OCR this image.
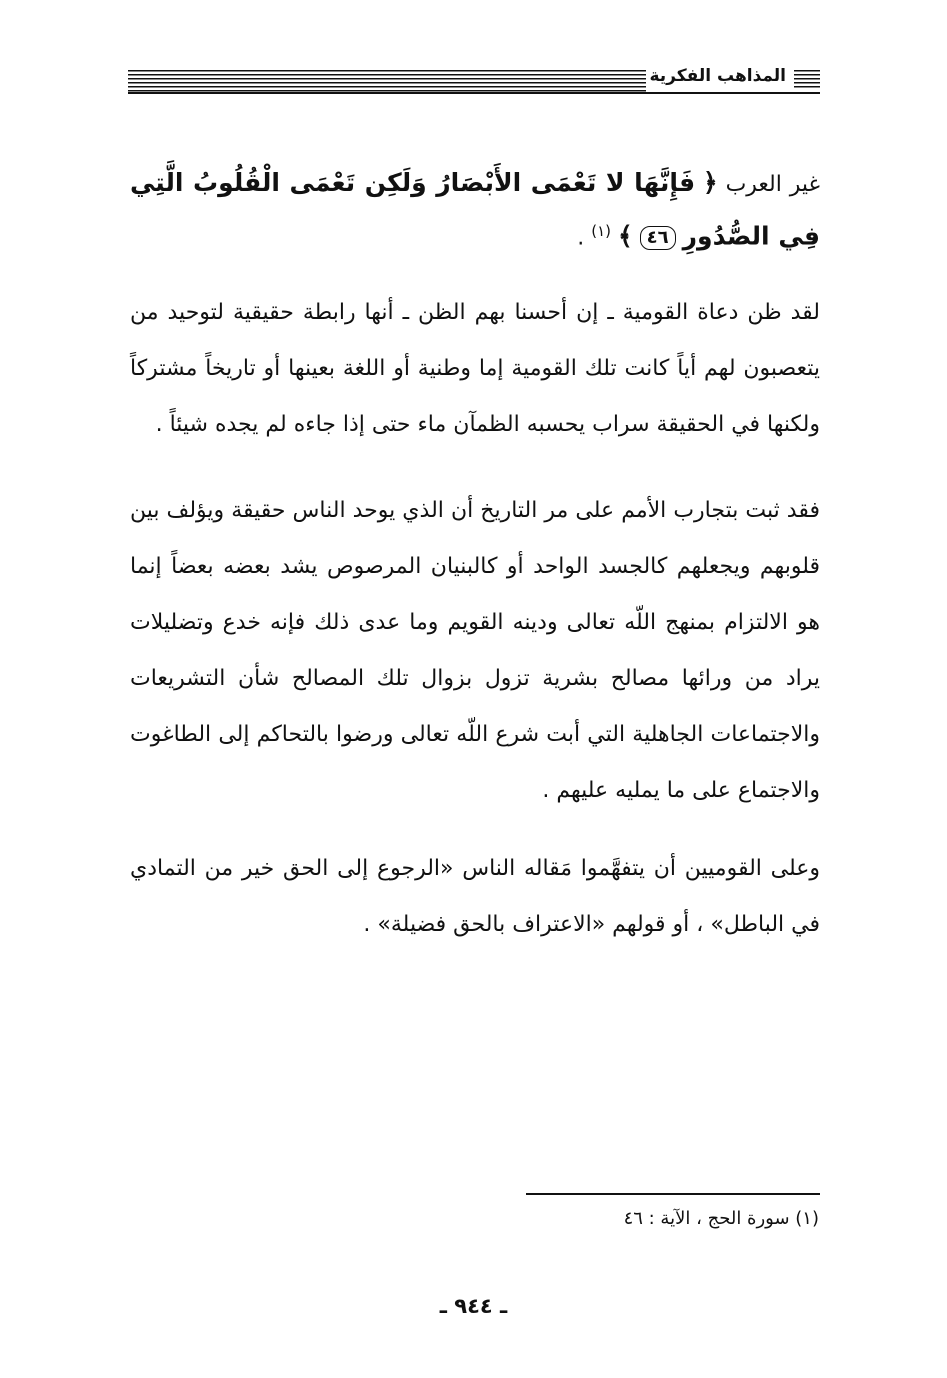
المذاهب الفكرية

غير العرب ﴿ فَإِنَّهَا لا تَعْمَى الأَبْصَارُ وَلَكِن تَعْمَى الْقُلُوبُ الَّتِي فِي الصُّدُورِ ٤٦ ﴾ $^{(١)}$ .

لقد ظن دعاة القومية ـ إن أحسنا بهم الظن ـ أنها رابطة حقيقية لتوحيد من يتعصبون لهم أياً كانت تلك القومية إما وطنية أو اللغة بعينها أو تاريخاً مشتركاً ولكنها في الحقيقة سراب يحسبه الظمآن ماء حتى إذا جاءه لم يجده شيئاً .

فقد ثبت بتجارب الأمم على مر التاريخ أن الذي يوحد الناس حقيقة ويؤلف بين قلوبهم ويجعلهم كالجسد الواحد أو كالبنيان المرصوص يشد بعضه بعضاً إنما هو الالتزام بمنهج اللّه تعالى ودينه القويم وما عدى ذلك فإنه خدع وتضليلات يراد من ورائها مصالح بشرية تزول بزوال تلك المصالح شأن التشريعات والاجتماعات الجاهلية التي أبت شرع اللّه تعالى ورضوا بالتحاكم إلى الطاغوت والاجتماع على ما يمليه عليهم .

وعلى القوميين أن يتفهَّموا مَقاله الناس «الرجوع إلى الحق خير من التمادي في الباطل» ، أو قولهم «الاعتراف بالحق فضيلة» .

(١) سورة الحج ، الآية : ٤٦
ـ ٩٤٤ ـ
